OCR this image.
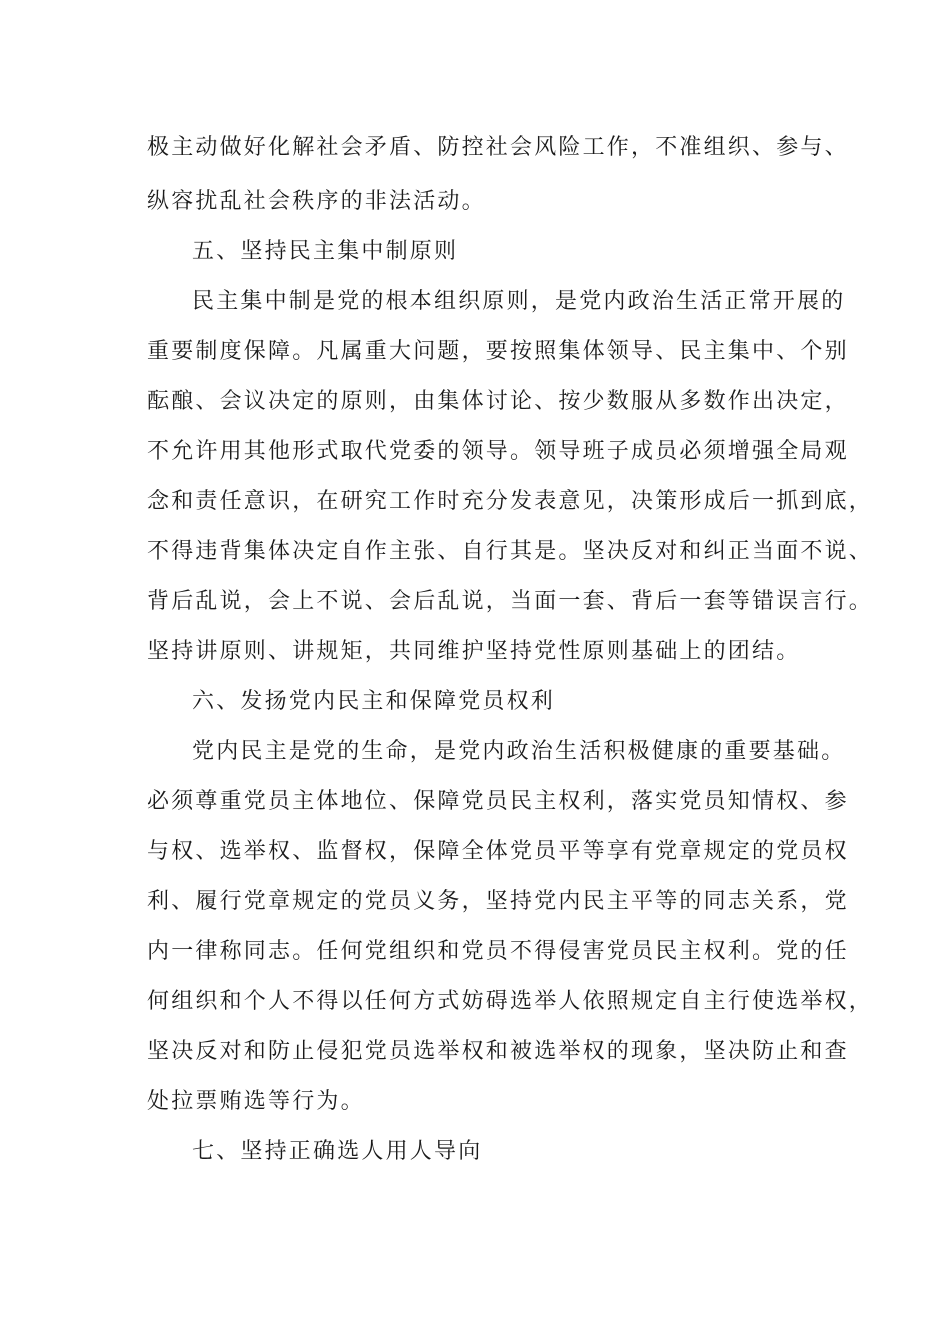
极主动做好化解社会矛盾、防控社会风险工作，不准组织、参与、
纵容扰乱社会秩序的非法活动。
五、坚持民主集中制原则
民主集中制是党的根本组织原则，是党内政治生活正常开展的
重要制度保障。凡属重大问题，要按照集体领导、民主集中、个别
酝酿、会议决定的原则，由集体讨论、按少数服从多数作出决定，
不允许用其他形式取代党委的领导。领导班子成员必须增强全局观
念和责任意识，在研究工作时充分发表意见，决策形成后一抓到底，
不得违背集体决定自作主张、自行其是。坚决反对和纠正当面不说、
背后乱说，会上不说、会后乱说，当面一套、背后一套等错误言行。
坚持讲原则、讲规矩，共同维护坚持党性原则基础上的团结。
六、发扬党内民主和保障党员权利
党内民主是党的生命，是党内政治生活积极健康的重要基础。
必须尊重党员主体地位、保障党员民主权利，落实党员知情权、参
与权、选举权、监督权，保障全体党员平等享有党章规定的党员权
利、履行党章规定的党员义务，坚持党内民主平等的同志关系，党
内一律称同志。任何党组织和党员不得侵害党员民主权利。党的任
何组织和个人不得以任何方式妨碍选举人依照规定自主行使选举权，
坚决反对和防止侵犯党员选举权和被选举权的现象，坚决防止和查
处拉票贿选等行为。
七、坚持正确选人用人导向
